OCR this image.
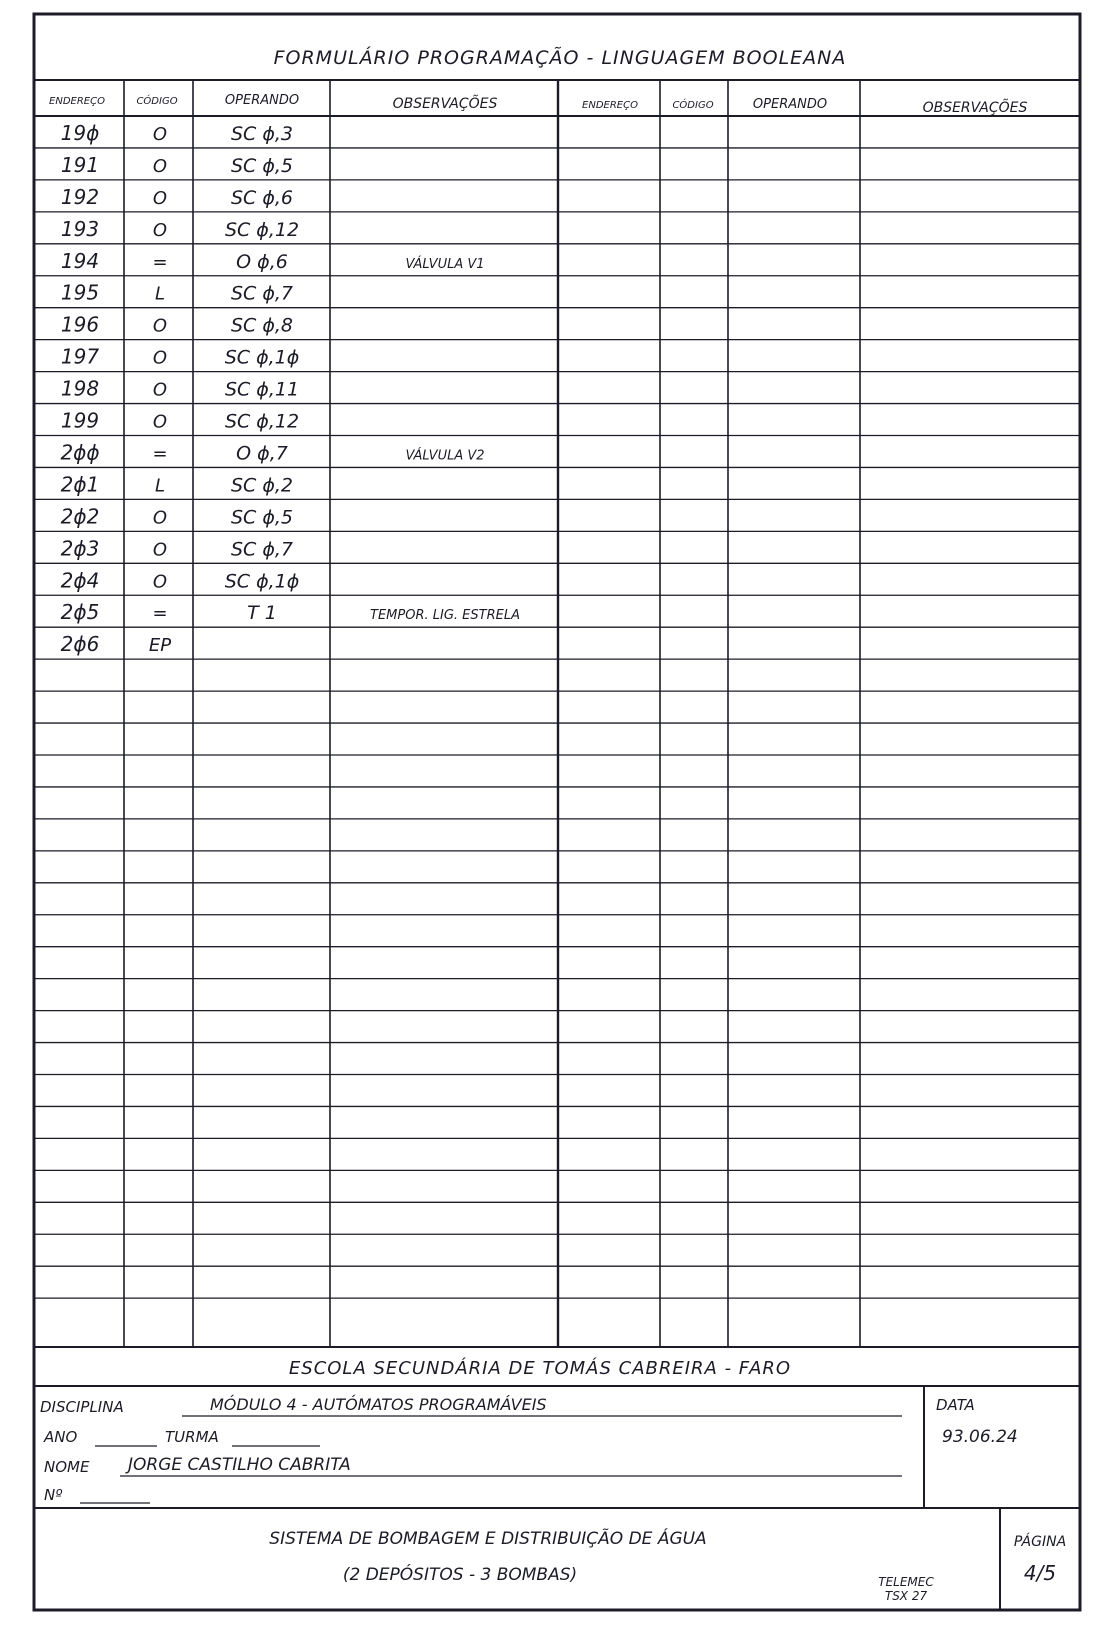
FORMULÁRIO PROGRAMAÇÃO - LINGUAGEM BOOLEANA
ENDEREÇO	CÓDIGO	OPERANDO	OBSERVAÇÕES	ENDEREÇO	CÓDIGO	OPERANDO	OBSERVAÇÕES
19ϕ	O	SC ϕ,3
191	O	SC ϕ,5
192	O	SC ϕ,6
193	O	SC ϕ,12
194	=	O ϕ,6	VÁLVULA V1
195	L	SC ϕ,7
196	O	SC ϕ,8
197	O	SC ϕ,1ϕ
198	O	SC ϕ,11
199	O	SC ϕ,12
2ϕϕ	=	O ϕ,7	VÁLVULA V2
2ϕ1	L	SC ϕ,2
2ϕ2	O	SC ϕ,5
2ϕ3	O	SC ϕ,7
2ϕ4	O	SC ϕ,1ϕ
2ϕ5	=	T 1	TEMPOR. LIG. ESTRELA
2ϕ6	EP
ESCOLA SECUNDÁRIA DE TOMÁS CABREIRA - FARO
DISCIPLINA	MÓDULO 4 - AUTÓMATOS PROGRAMÁVEIS
ANO	TURMA
NOME JORGE CASTILHO CABRITA
Nº
DATA
93.06.24
SISTEMA DE BOMBAGEM E DISTRIBUIÇÃO DE ÁGUA
(2 DEPÓSITOS - 3 BOMBAS)	TELEMEC
TSX 27
PÁGINA
4/5
